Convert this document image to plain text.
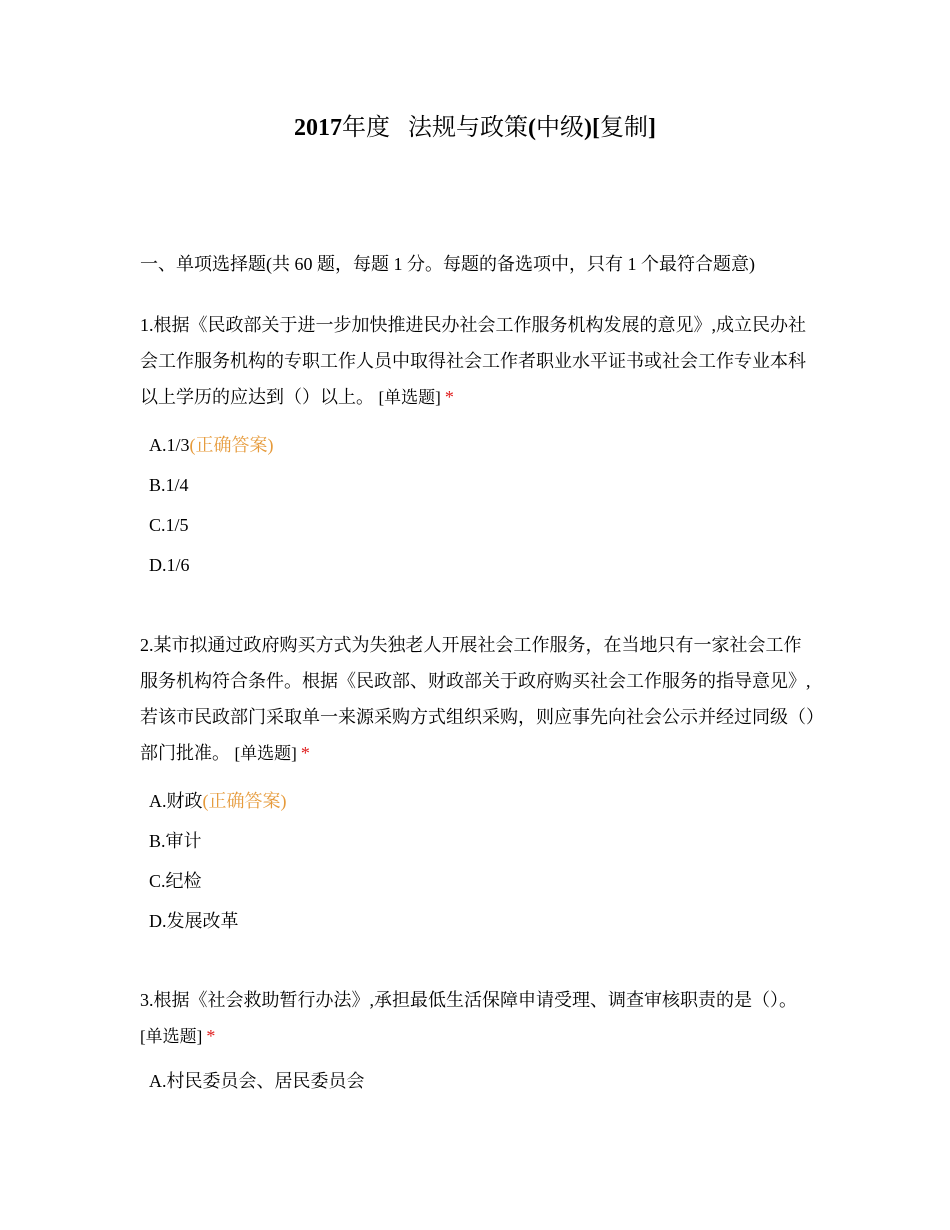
2017年度 法规与政策(中级)[复制]
一、单项选择题(共 60 题，每题 1 分。每题的备选项中，只有 1 个最符合题意)
1.根据《民政部关于进一步加快推进民办社会工作服务机构发展的意见》,成立民办社会工作服务机构的专职工作人员中取得社会工作者职业水平证书或社会工作专业本科以上学历的应达到（）以上。 [单选题] *
A.1/3(正确答案)
B.1/4
C.1/5
D.1/6
2.某市拟通过政府购买方式为失独老人开展社会工作服务，在当地只有一家社会工作服务机构符合条件。根据《民政部、财政部关于政府购买社会工作服务的指导意见》,若该市民政部门采取单一来源采购方式组织采购，则应事先向社会公示并经过同级（）部门批准。 [单选题] *
A.财政(正确答案)
B.审计
C.纪检
D.发展改革
3.根据《社会救助暂行办法》,承担最低生活保障申请受理、调查审核职责的是（）。 [单选题] *
A.村民委员会、居民委员会
